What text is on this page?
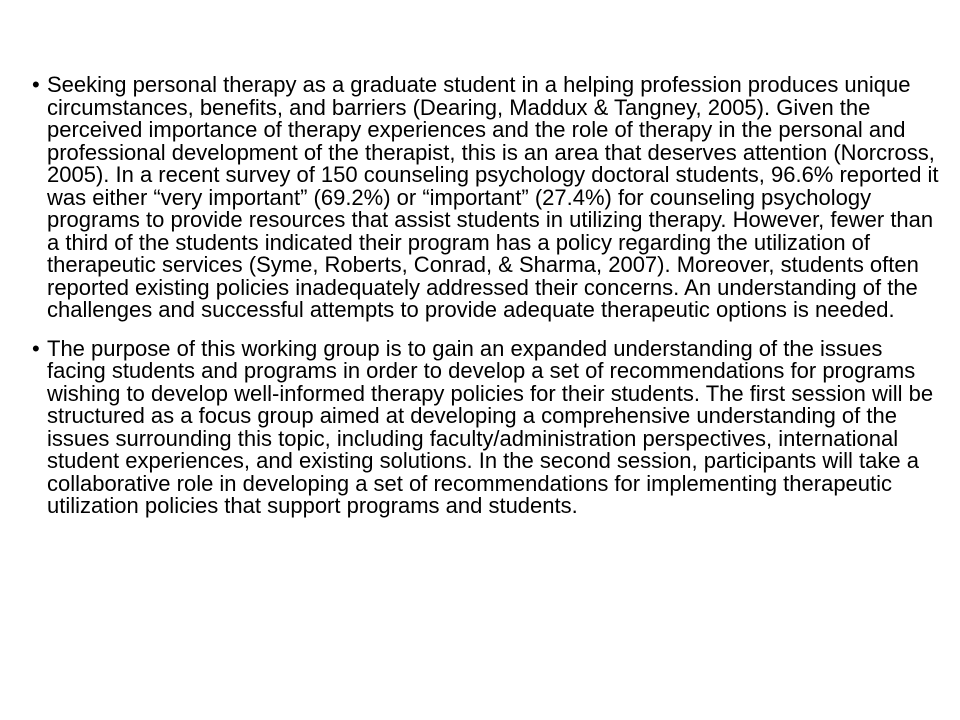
• Seeking personal therapy as a graduate student in a helping profession produces unique circumstances, benefits, and barriers (Dearing, Maddux & Tangney, 2005). Given the perceived importance of therapy experiences and the role of therapy in the personal and professional development of the therapist, this is an area that deserves attention (Norcross, 2005). In a recent survey of 150 counseling psychology doctoral students, 96.6% reported it was either “very important” (69.2%) or “important” (27.4%) for counseling psychology programs to provide resources that assist students in utilizing therapy. However, fewer than a third of the students indicated their program has a policy regarding the utilization of therapeutic services (Syme, Roberts, Conrad, & Sharma, 2007). Moreover, students often reported existing policies inadequately addressed their concerns. An understanding of the challenges and successful attempts to provide adequate therapeutic options is needed.
• The purpose of this working group is to gain an expanded understanding of the issues facing students and programs in order to develop a set of recommendations for programs wishing to develop well-informed therapy policies for their students. The first session will be structured as a focus group aimed at developing a comprehensive understanding of the issues surrounding this topic, including faculty/administration perspectives, international student experiences, and existing solutions. In the second session, participants will take a collaborative role in developing a set of recommendations for implementing therapeutic utilization policies that support programs and students.
